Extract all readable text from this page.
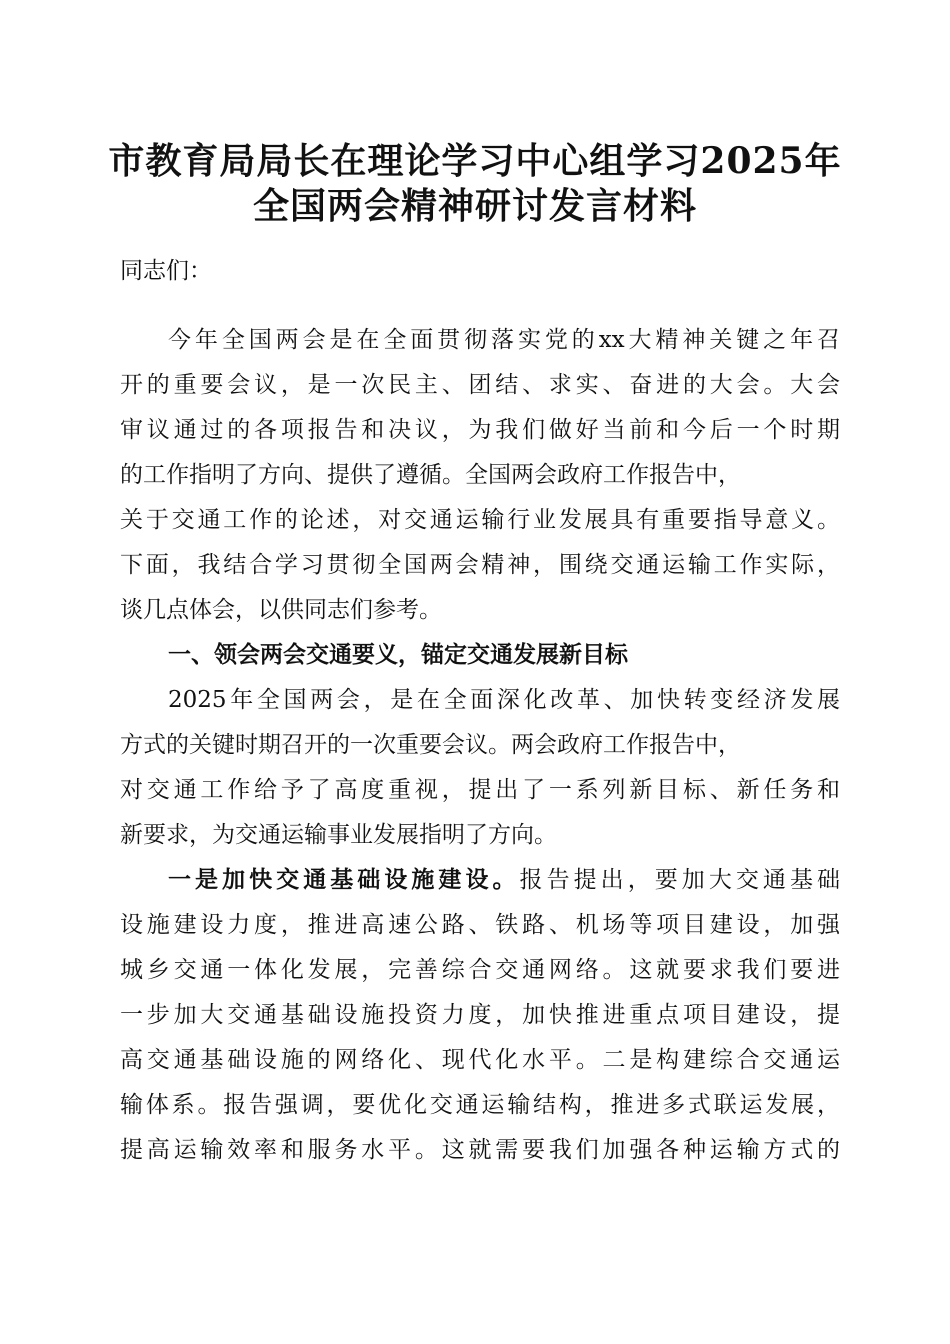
市教育局局长在理论学习中心组学习2025年
全国两会精神研讨发言材料
同志们：
今年全国两会是在全面贯彻落实党的xx大精神关键之年召
开的重要会议，是一次民主、团结、求实、奋进的大会。大会
审议通过的各项报告和决议，为我们做好当前和今后一个时期
的工作指明了方向、提供了遵循。全国两会政府工作报告中，
关于交通工作的论述，对交通运输行业发展具有重要指导意义。
下面，我结合学习贯彻全国两会精神，围绕交通运输工作实际，
谈几点体会，以供同志们参考。
一、领会两会交通要义，锚定交通发展新目标
2025年全国两会，是在全面深化改革、加快转变经济发展
方式的关键时期召开的一次重要会议。两会政府工作报告中，
对交通工作给予了高度重视，提出了一系列新目标、新任务和
新要求，为交通运输事业发展指明了方向。
一是加快交通基础设施建设。报告提出，要加大交通基础
设施建设力度，推进高速公路、铁路、机场等项目建设，加强
城乡交通一体化发展，完善综合交通网络。这就要求我们要进
一步加大交通基础设施投资力度，加快推进重点项目建设，提
高交通基础设施的网络化、现代化水平。二是构建综合交通运
输体系。报告强调，要优化交通运输结构，推进多式联运发展，
提高运输效率和服务水平。这就需要我们加强各种运输方式的
